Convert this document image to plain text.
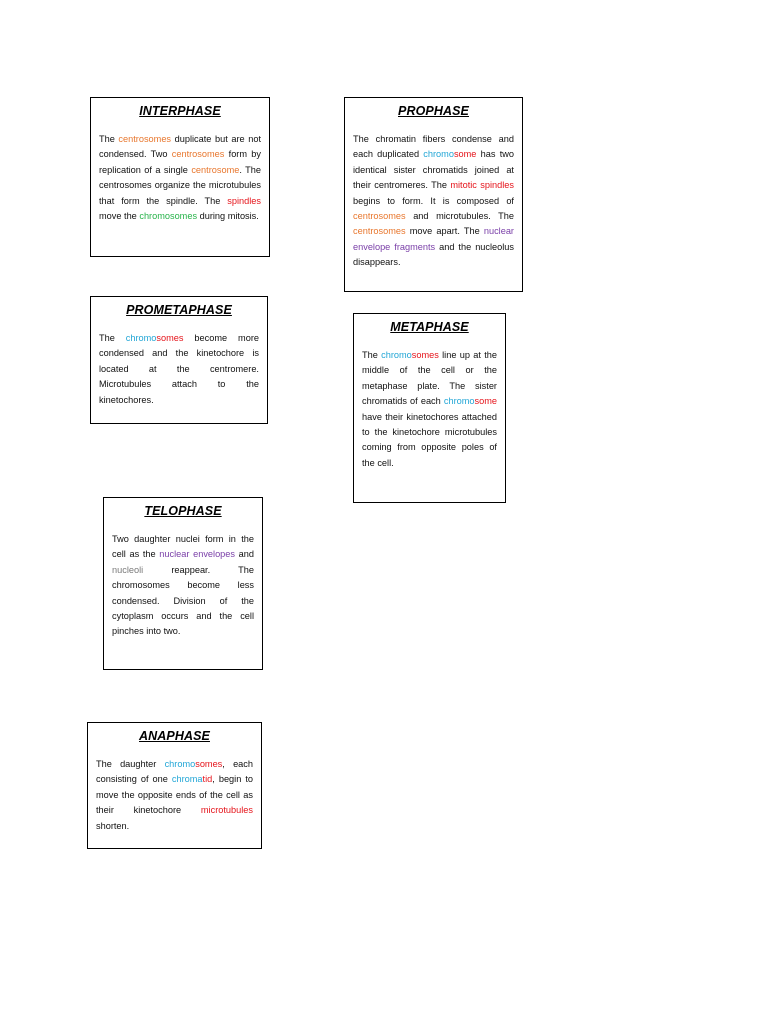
INTERPHASE

The centrosomes duplicate but are not condensed. Two centrosomes form by replication of a single centrosome. The centrosomes organize the microtubules that form the spindle. The spindles move the chromosomes during mitosis.

PROPHASE

The chromatin fibers condense and each duplicated chromosome has two identical sister chromatids joined at their centromeres. The mitotic spindles begins to form. It is composed of centrosomes and microtubules. The centrosomes move apart. The nuclear envelope fragments and the nucleolus disappears.

PROMETAPHASE

The chromosomes become more condensed and the kinetochore is located at the centromere. Microtubules attach to the kinetochores.

METAPHASE

The chromosomes line up at the middle of the cell or the metaphase plate. The sister chromatids of each chromosome have their kinetochores attached to the kinetochore microtubules coming from opposite poles of the cell.

TELOPHASE

Two daughter nuclei form in the cell as the nuclear envelopes and nucleoli reappear. The chromosomes become less condensed. Division of the cytoplasm occurs and the cell pinches into two.

ANAPHASE

The daughter chromosomes, each consisting of one chromatid, begin to move the opposite ends of the cell as their kinetochore microtubules shorten.
